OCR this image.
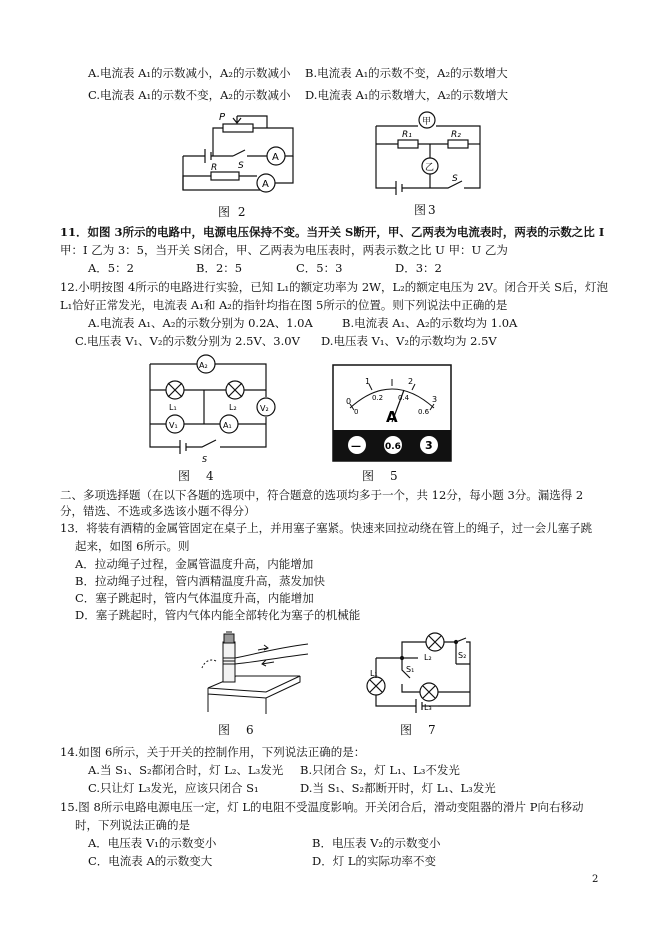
A.电流表 A₁的示数减小，A₂的示数减小 B.电流表 A₁的示数不变，A₂的示数增大
C.电流表 A₁的示数不变，A₂的示数减小 D.电流表 A₁的示数增大，A₂的示数增大
P
S
R
A
A
图 2
甲
乙
R₁	R₂
S
图3
11．如图 3所示的电路中，电源电压保持不变。当开关 S断开，甲、乙两表为电流表时，两表的示数之比 I
甲：I 乙为 3：5，当开关 S闭合，甲、乙两表为电压表时，两表示数之比 U 甲：U 乙为
A．5：2	B．2：5	C．5：3	D．3：2
12.小明按图 4所示的电路进行实验，已知 L₁的额定功率为 2W，L₂的额定电压为 2V。闭合开关 S后，灯泡
L₁恰好正常发光，电流表 A₁和 A₂的指针均指在图 5所示的位置。则下列说法中正确的是
A.电流表 A₁、A₂的示数分别为 0.2A、1.0A	B.电流表 A₁、A₂的示数均为 1.0A
C.电压表 V₁、V₂的示数分别为 2.5V、3.0V D.电压表 V₁、V₂的示数均为 2.5V
A₂
L₁	L₂
V₁	A₁
V₂
S
图　4
0
1	2
3
0
0.2 0.4
0.6
A
—	0.6 3
图　5
二、多项选择题（在以下各题的选项中，符合题意的选项均多于一个，共 12分，每小题 3分。漏选得 2
分，错选、不选或多选该小题不得分）
13．将装有酒精的金属管固定在桌子上，并用塞子塞紧。快速来回拉动绕在管上的绳子，过一会儿塞子跳
起来，如图 6所示。则
A．拉动绳子过程，金属管温度升高，内能增加
B．拉动绳子过程，管内酒精温度升高，蒸发加快
C．塞子跳起时，管内气体温度升高，内能增加
D．塞子跳起时，管内气体内能全部转化为塞子的机械能
图　6
L₁
L₂
L₃
S₁
S₂
图　7
14.如图 6所示，关于开关的控制作用，下列说法正确的是：
A.当 S₁、S₂都闭合时，灯 L₂、L₃发光 B.只闭合 S₂，灯 L₁、L₃不发光
C.只让灯 L₃发光，应该只闭合 S₁	D.当 S₁、S₂都断开时，灯 L₁、L₃发光
15.图 8所示电路电源电压一定，灯 L的电阻不受温度影响。开关闭合后，滑动变阻器的滑片 P向右移动
时，下列说法正确的是
A．电压表 V₁的示数变小	B．电压表 V₂的示数变小
C．电流表 A的示数变大	D．灯 L的实际功率不变
2
